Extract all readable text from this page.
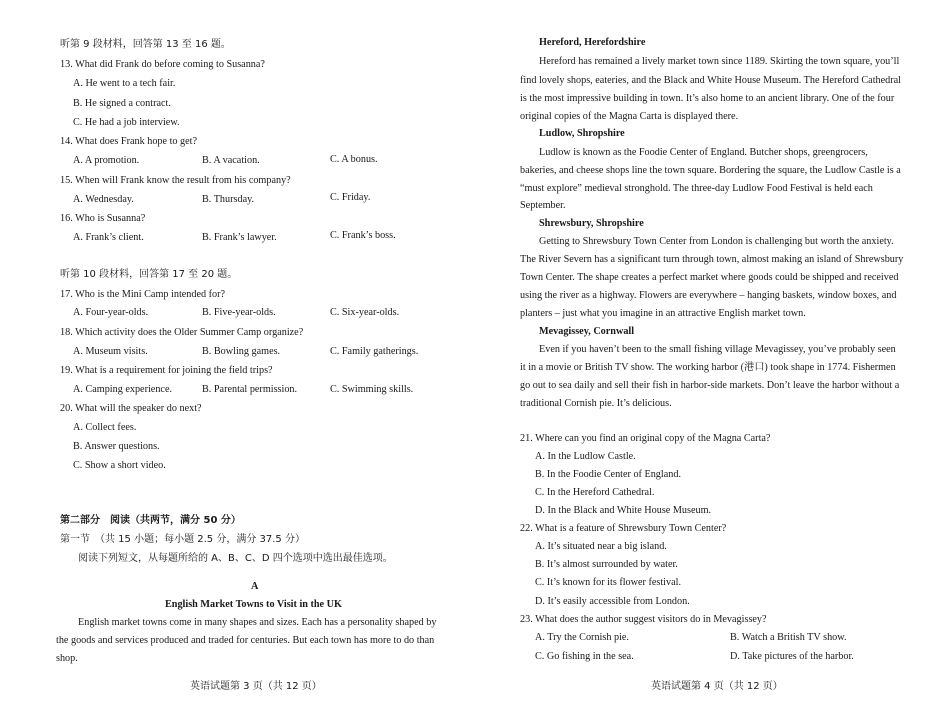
听第 9 段材料，回答第 13 至 16 题。
13. What did Frank do before coming to Susanna?
A. He went to a tech fair.
B. He signed a contract.
C. He had a job interview.
14. What does Frank hope to get?
A. A promotion.	B. A vacation.	C. A bonus.
15. When will Frank know the result from his company?
A. Wednesday.	B. Thursday.	C. Friday.
16. Who is Susanna?
A. Frank’s client.	B. Frank’s lawyer.	C. Frank’s boss.
听第 10 段材料，回答第 17 至 20 题。
17. Who is the Mini Camp intended for?
A. Four-year-olds.	B. Five-year-olds.	C. Six-year-olds.
18. Which activity does the Older Summer Camp organize?
A. Museum visits.	B. Bowling games.	C. Family gatherings.
19. What is a requirement for joining the field trips?
A. Camping experience.	B. Parental permission.	C. Swimming skills.
20. What will the speaker do next?
A. Collect fees.
B. Answer questions.
C. Show a short video.
第二部分　阅读（共两节，满分 50 分）
第一节　（共 15 小题；每小题 2.5 分，满分 37.5 分）
阅读下列短文，从每题所给的 A、B、C、D 四个选项中选出最佳选项。
A
English Market Towns to Visit in the UK
English market towns come in many shapes and sizes. Each has a personality shaped by
the goods and services produced and traded for centuries. But each town has more to do than
shop.
英语试题第 3 页（共 12 页）
Hereford, Herefordshire
Hereford has remained a lively market town since 1189. Skirting the town square, you’ll
find lovely shops, eateries, and the Black and White House Museum. The Hereford Cathedral
is the most impressive building in town. It’s also home to an ancient library. One of the four
original copies of the Magna Carta is displayed there.
Ludlow, Shropshire
Ludlow is known as the Foodie Center of England. Butcher shops, greengrocers,
bakeries, and cheese shops line the town square. Bordering the square, the Ludlow Castle is a
“must explore” medieval stronghold. The three-day Ludlow Food Festival is held each
September.
Shrewsbury, Shropshire
Getting to Shrewsbury Town Center from London is challenging but worth the anxiety.
The River Severn has a significant turn through town, almost making an island of Shrewsbury
Town Center. The shape creates a perfect market where goods could be shipped and received
using the river as a highway. Flowers are everywhere – hanging baskets, window boxes, and
planters – just what you imagine in an attractive English market town.
Mevagissey, Cornwall
Even if you haven’t been to the small fishing village Mevagissey, you’ve probably seen
it in a movie or British TV show. The working harbor (港口) took shape in 1774. Fishermen
go out to sea daily and sell their fish in harbor-side markets. Don’t leave the harbor without a
traditional Cornish pie. It’s delicious.
21. Where can you find an original copy of the Magna Carta?
A. In the Ludlow Castle.
B. In the Foodie Center of England.
C. In the Hereford Cathedral.
D. In the Black and White House Museum.
22. What is a feature of Shrewsbury Town Center?
A. It’s situated near a big island.
B. It’s almost surrounded by water.
C. It’s known for its flower festival.
D. It’s easily accessible from London.
23. What does the author suggest visitors do in Mevagissey?
A. Try the Cornish pie.	B. Watch a British TV show.
C. Go fishing in the sea.	D. Take pictures of the harbor.
英语试题第 4 页（共 12 页）
